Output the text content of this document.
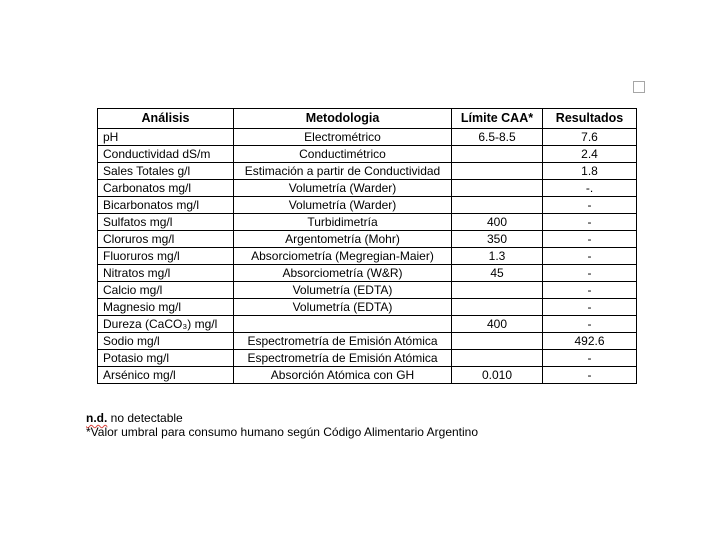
Análisis	Metodologia	Límite CAA*	Resultados
pH	Electrométrico	6.5-8.5	7.6
Conductividad dS/m	Conductimétrico		2.4
Sales Totales g/l	Estimación a partir de Conductividad		1.8
Carbonatos mg/l	Volumetría (Warder)		-.
Bicarbonatos mg/l	Volumetría (Warder)		-
Sulfatos mg/l	Turbidimetría	400	-
Cloruros mg/l	Argentometría (Mohr)	350	-
Fluoruros mg/l	Absorciometría (Megregian-Maier)	1.3	-
Nitratos mg/l	Absorciometría (W&R)	45	-
Calcio mg/l	Volumetría (EDTA)		-
Magnesio mg/l	Volumetría (EDTA)		-
Dureza (CaCO₃) mg/l		400	-
Sodio mg/l	Espectrometría de Emisión Atómica		492.6
Potasio mg/l	Espectrometría de Emisión Atómica		-
Arsénico mg/l	Absorción Atómica con GH	0.010	-
n.d. no detectable
*Valor umbral para consumo humano según Código Alimentario Argentino
